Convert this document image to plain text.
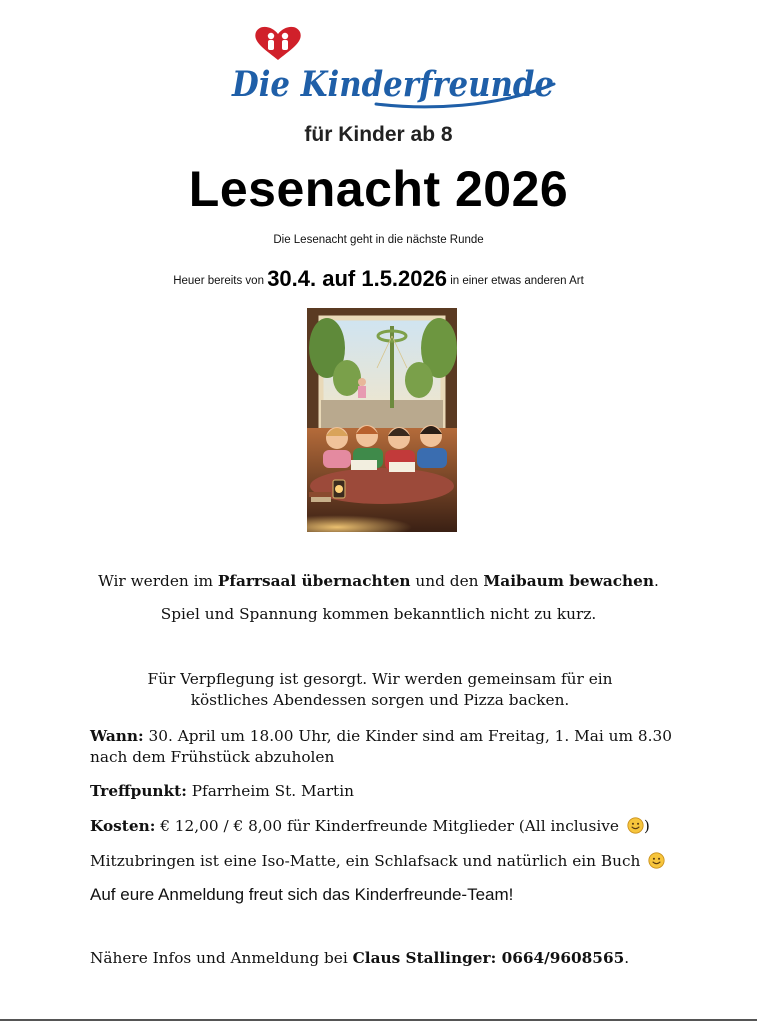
Die Kinderfreunde
für Kinder ab 8
Lesenacht 2026
Die Lesenacht geht in die nächste Runde
Heuer bereits von 30.4. auf 1.5.2026 in einer etwas anderen Art
Wir werden im Pfarrsaal übernachten und den Maibaum bewachen.
Spiel und Spannung kommen bekanntlich nicht zu kurz.
Für Verpflegung ist gesorgt. Wir werden gemeinsam für ein köstliches Abendessen sorgen und Pizza backen.
Wann: 30. April um 18.00 Uhr, die Kinder sind am Freitag, 1. Mai um 8.30 nach dem Frühstück abzuholen
Treffpunkt: Pfarrheim St. Martin
Kosten: € 12,00 / € 8,00 für Kinderfreunde Mitglieder (All inclusive )
Mitzubringen ist eine Iso-Matte, ein Schlafsack und natürlich ein Buch
Auf eure Anmeldung freut sich das Kinderfreunde-Team!
Nähere Infos und Anmeldung bei Claus Stallinger: 0664/9608565.
